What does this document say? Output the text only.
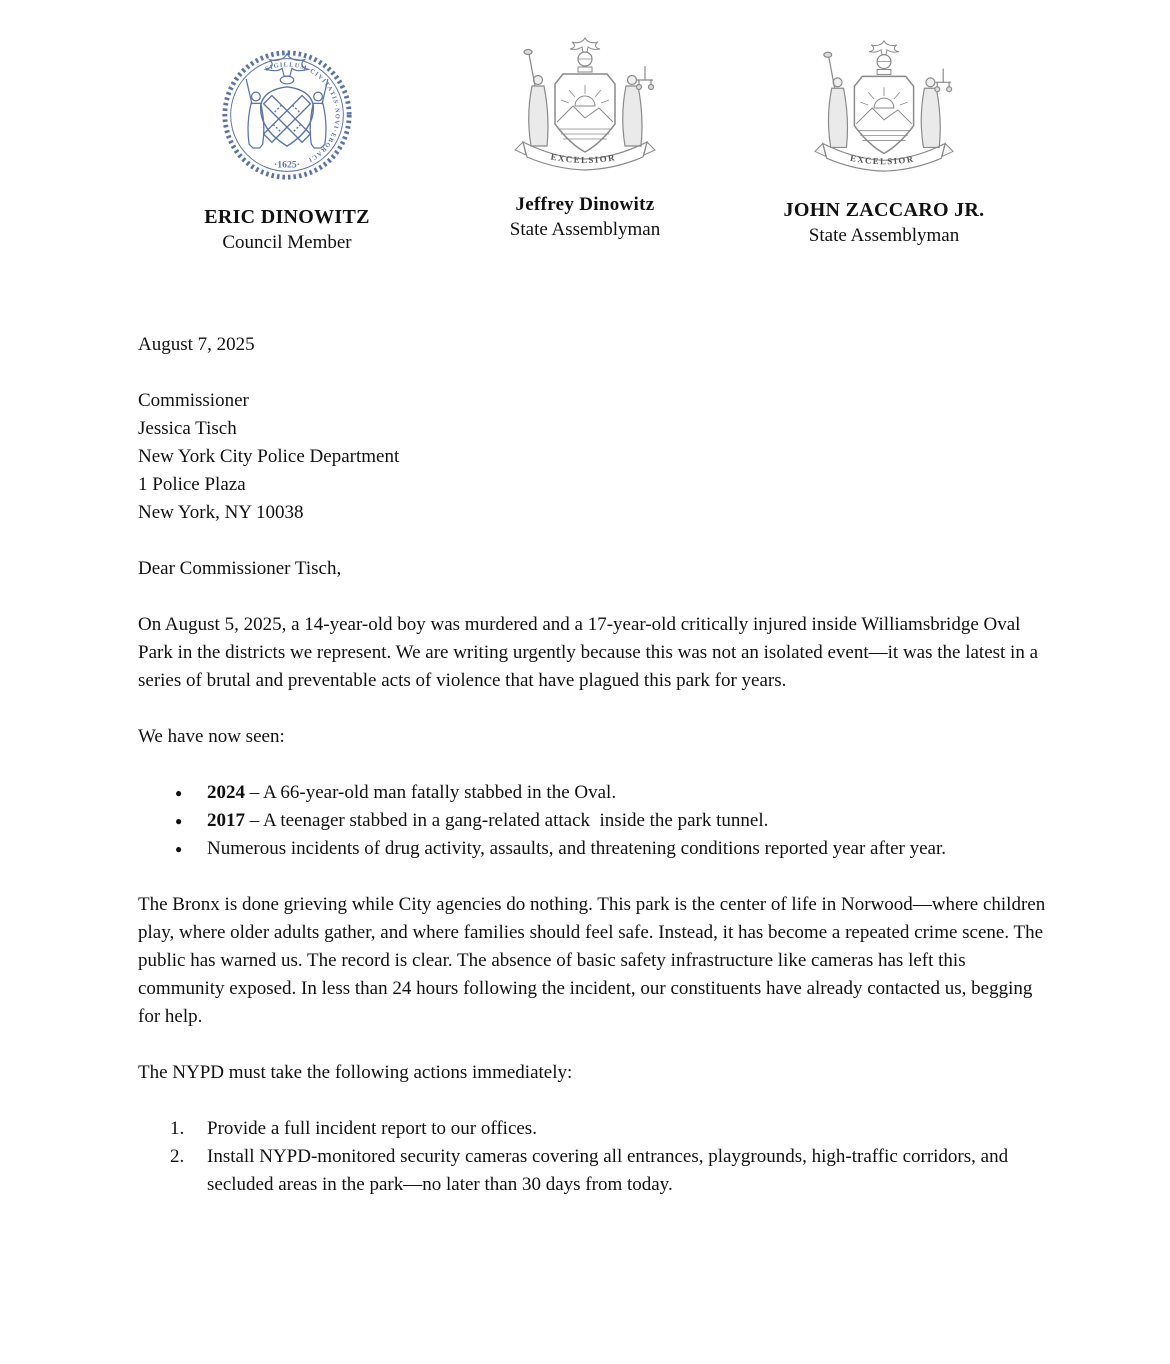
SIGILLUM·CIVITATIS·NOVI·EBORACI
·1625·
ERIC DINOWITZ
Council Member
EXCELSIOR
Jeffrey Dinowitz
State Assemblyman
EXCELSIOR
JOHN ZACCARO JR.
State Assemblyman
August 7, 2025
Commissioner
Jessica Tisch
New York City Police Department
1 Police Plaza
New York, NY 10038
Dear Commissioner Tisch,
On August 5, 2025, a 14-year-old boy was murdered and a 17-year-old critically injured inside Williamsbridge Oval Park in the districts we represent. We are writing urgently because this was not an isolated event—it was the latest in a series of brutal and preventable acts of violence that have plagued this park for years.
We have now seen:
●	2024 – A 66-year-old man fatally stabbed in the Oval.
●	2017 – A teenager stabbed in a gang-related attack  inside the park tunnel.
●	Numerous incidents of drug activity, assaults, and threatening conditions reported year after year.
The Bronx is done grieving while City agencies do nothing. This park is the center of life in Norwood—where children play, where older adults gather, and where families should feel safe. Instead, it has become a repeated crime scene. The public has warned us. The record is clear. The absence of basic safety infrastructure like cameras has left this community exposed. In less than 24 hours following the incident, our constituents have already contacted us, begging for help.
The NYPD must take the following actions immediately:
1.	Provide a full incident report to our offices.
2.	Install NYPD-monitored security cameras covering all entrances, playgrounds, high-traffic corridors, and secluded areas in the park—no later than 30 days from today.
